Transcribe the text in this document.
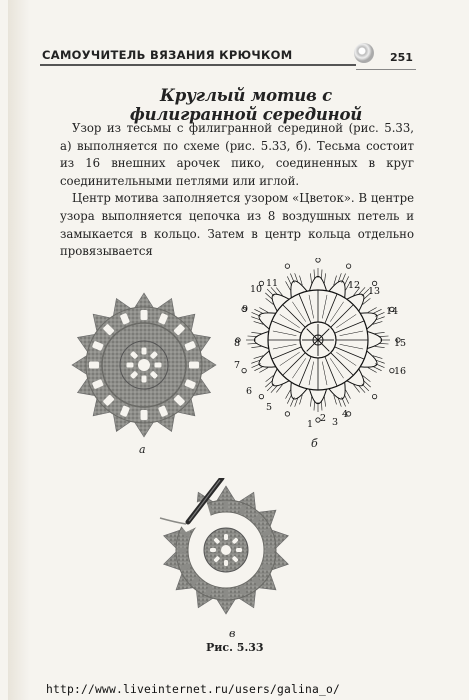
САМОУЧИТЕЛЬ ВЯЗАНИЯ КРЮЧКОМ	251
Круглый мотив с филигранной серединой

Узор из тесьмы с филигранной серединой (рис. 5.33, а) выполняется по схеме (рис. 5.33, б). Тесьма состоит из 16 внешних арочек пико, соединенных в круг соединительными петлями или иглой.

Центр мотива заполняется узором «Цветок». В центре узора выполняется цепочка из 8 воздушных петель и замыкается в кольцо. Затем в центр кольца отдельно провязывается

а
1
2 3
4
5
6
7
8
9
10
11	12
13
14
15
16
б
в
Рис. 5.33
http://www.liveinternet.ru/users/galina_o/
